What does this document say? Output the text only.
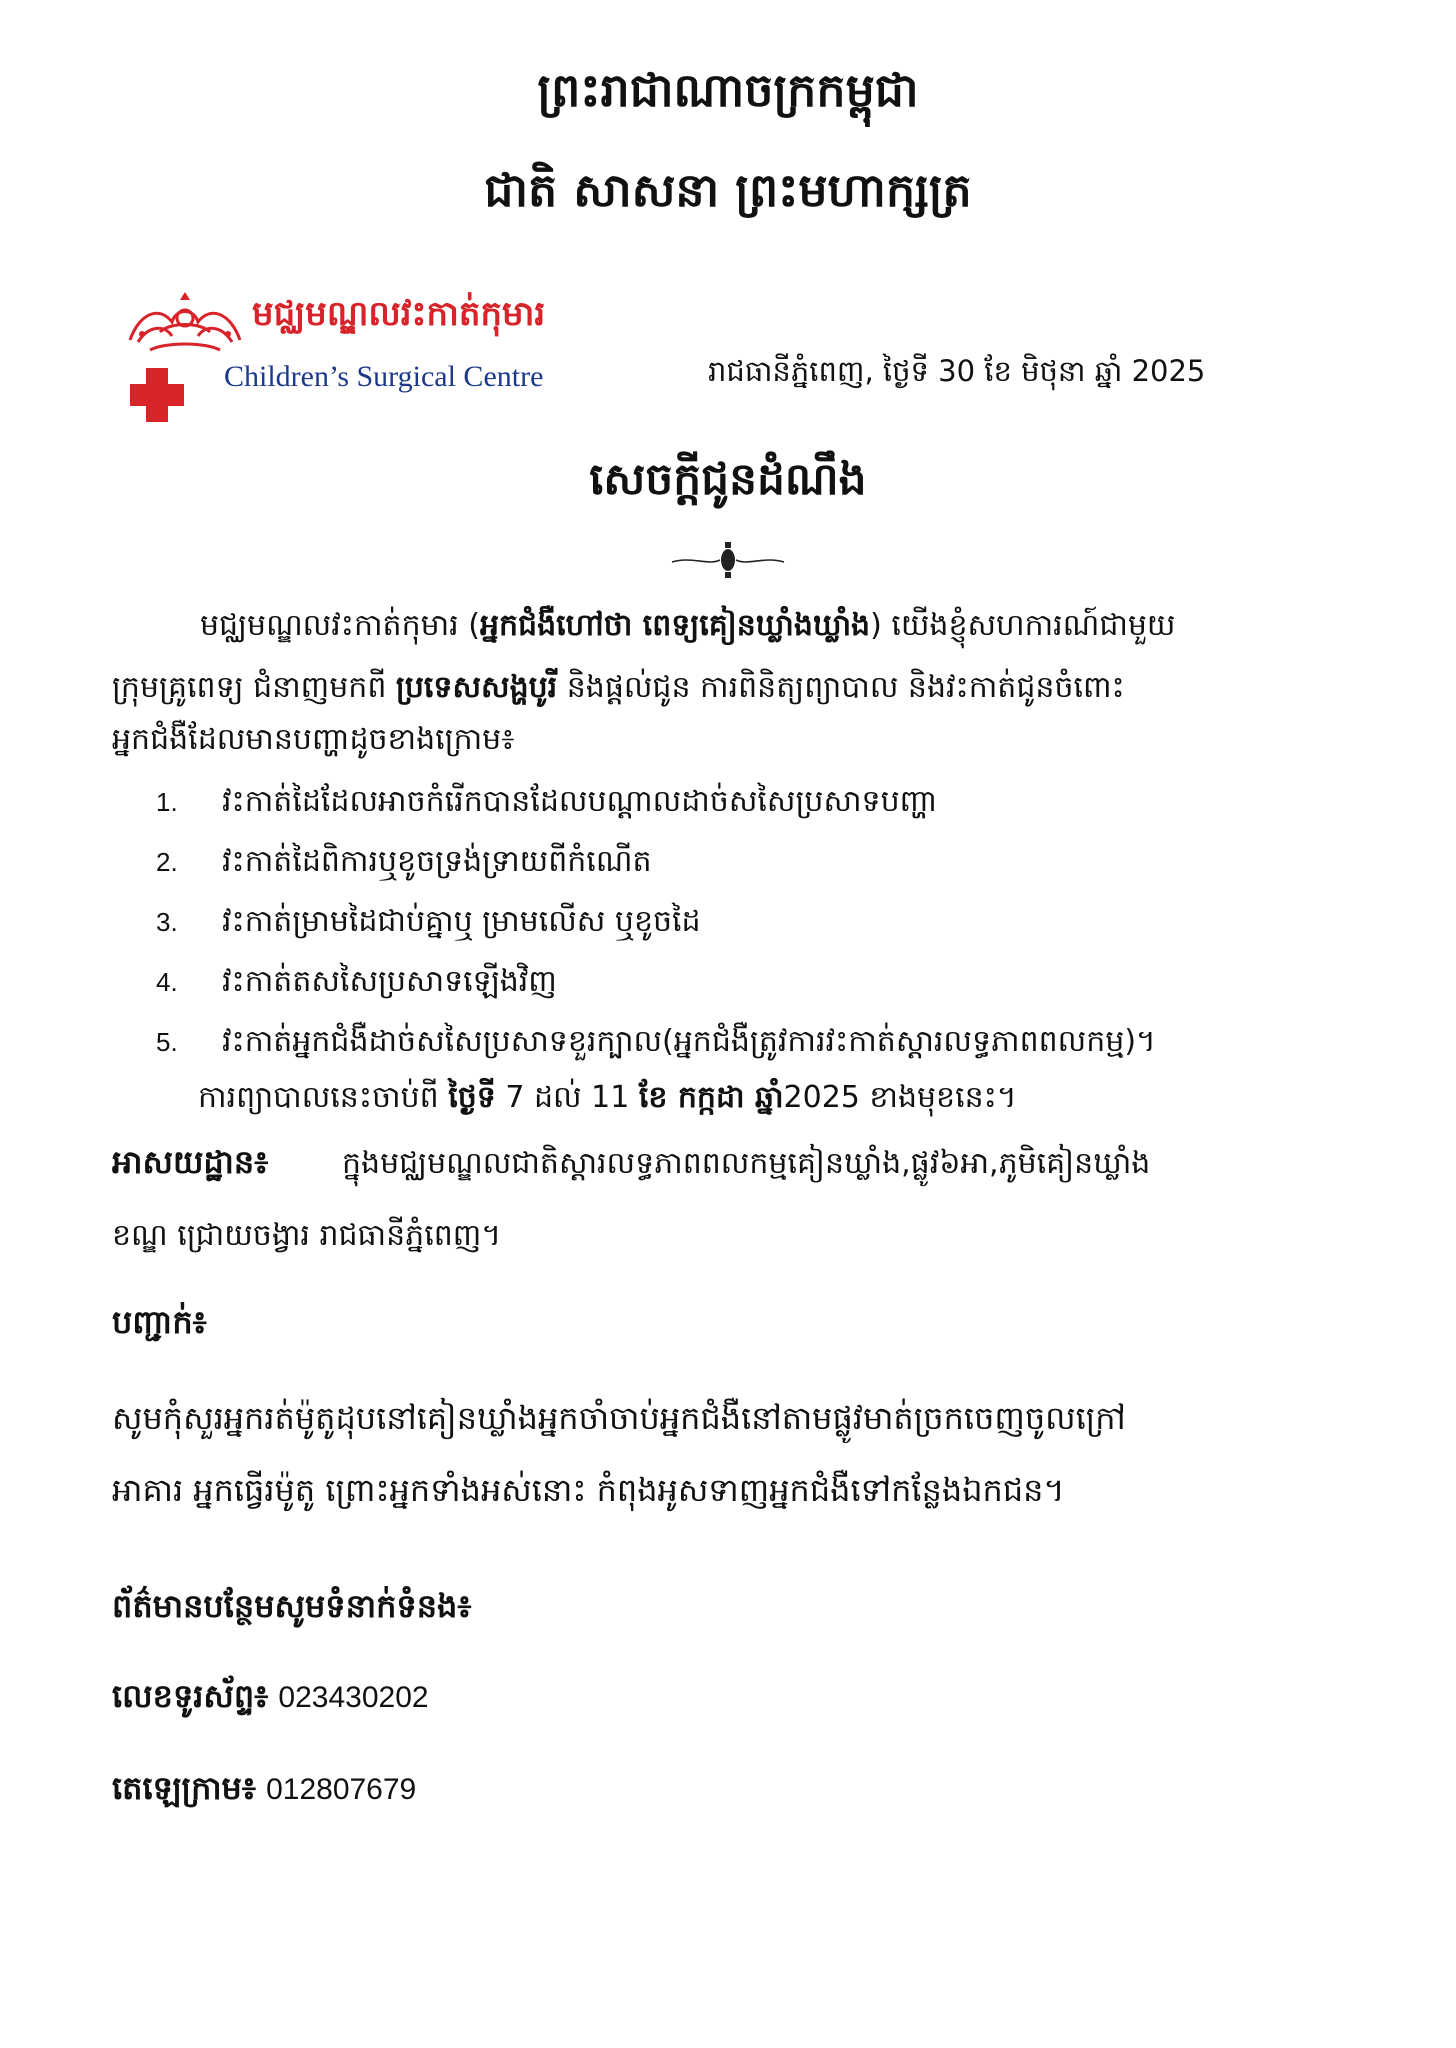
ព្រះរាជាណាចក្រកម្ពុជា
ជាតិ សាសនា ព្រះមហាក្សត្រ
មជ្ឈមណ្ឌលវះកាត់កុមារ
Children’s Surgical Centre	រាជធានីភ្នំពេញ, ថ្ងៃទី 30 ខែ មិថុនា ឆ្នាំ 2025
សេចក្តីជូនដំណឹង
មជ្ឈមណ្ឌលវះកាត់កុមារ (អ្នកជំងឺហៅថា ពេទ្យគៀនឃ្លាំងឃ្លាំង) យើងខ្ញុំសហការណ៍ជាមួយ
ក្រុមគ្រូពេទ្យ ជំនាញមកពី ប្រទេសសង្ហបូរី និងផ្តល់ជូន ការពិនិត្យព្យាបាល និងវះកាត់ជូនចំពោះ
អ្នកជំងឺដែលមានបញ្ហាដូចខាងក្រោម៖
1. វះកាត់ដៃដែលអាចកំរើកបានដែលបណ្តាលដាច់សសៃប្រសាទបញ្ហា
2. វះកាត់ដៃពិការឬខូចទ្រង់ទ្រាយពីកំណើត
3. វះកាត់ម្រាមដៃជាប់គ្នាឬ ម្រាមលើស ឬខូចដៃ
4. វះកាត់តសសៃប្រសាទឡើងវិញ
5. វះកាត់អ្នកជំងឺដាច់សសៃប្រសាទខួរក្បាល(អ្នកជំងឺត្រូវការវះកាត់ស្តារលទ្ធភាពពលកម្ម)។
ការព្យាបាលនេះចាប់ពី ថ្ងៃទី 7 ដល់ 11 ខែ កក្កដា ឆ្នាំ2025 ខាងមុខនេះ។
អាសយដ្ឋាន៖ ក្នុងមជ្ឈមណ្ឌលជាតិស្តារលទ្ធភាពពលកម្មគៀនឃ្លាំង,ផ្លូវ៦អា,ភូមិគៀនឃ្លាំង
ខណ្ឌ ជ្រោយចង្វារ រាជធានីភ្នំពេញ។
បញ្ជាក់៖
សូមកុំសួរអ្នករត់ម៉ូតូដុបនៅគៀនឃ្លាំងអ្នកចាំចាប់អ្នកជំងឺនៅតាមផ្លូវមាត់ច្រកចេញចូលក្រៅ
អាគារ អ្នកធ្វើរម៉ូតូ ព្រោះអ្នកទាំងអស់នោះ កំពុងអូសទាញអ្នកជំងឺទៅកន្លែងឯកជន។
ព័ត៌មានបន្ថែមសូមទំនាក់ទំនង៖
លេខទូរស័ព្ទ៖ 023430202
តេឡេក្រាម៖ 012807679
